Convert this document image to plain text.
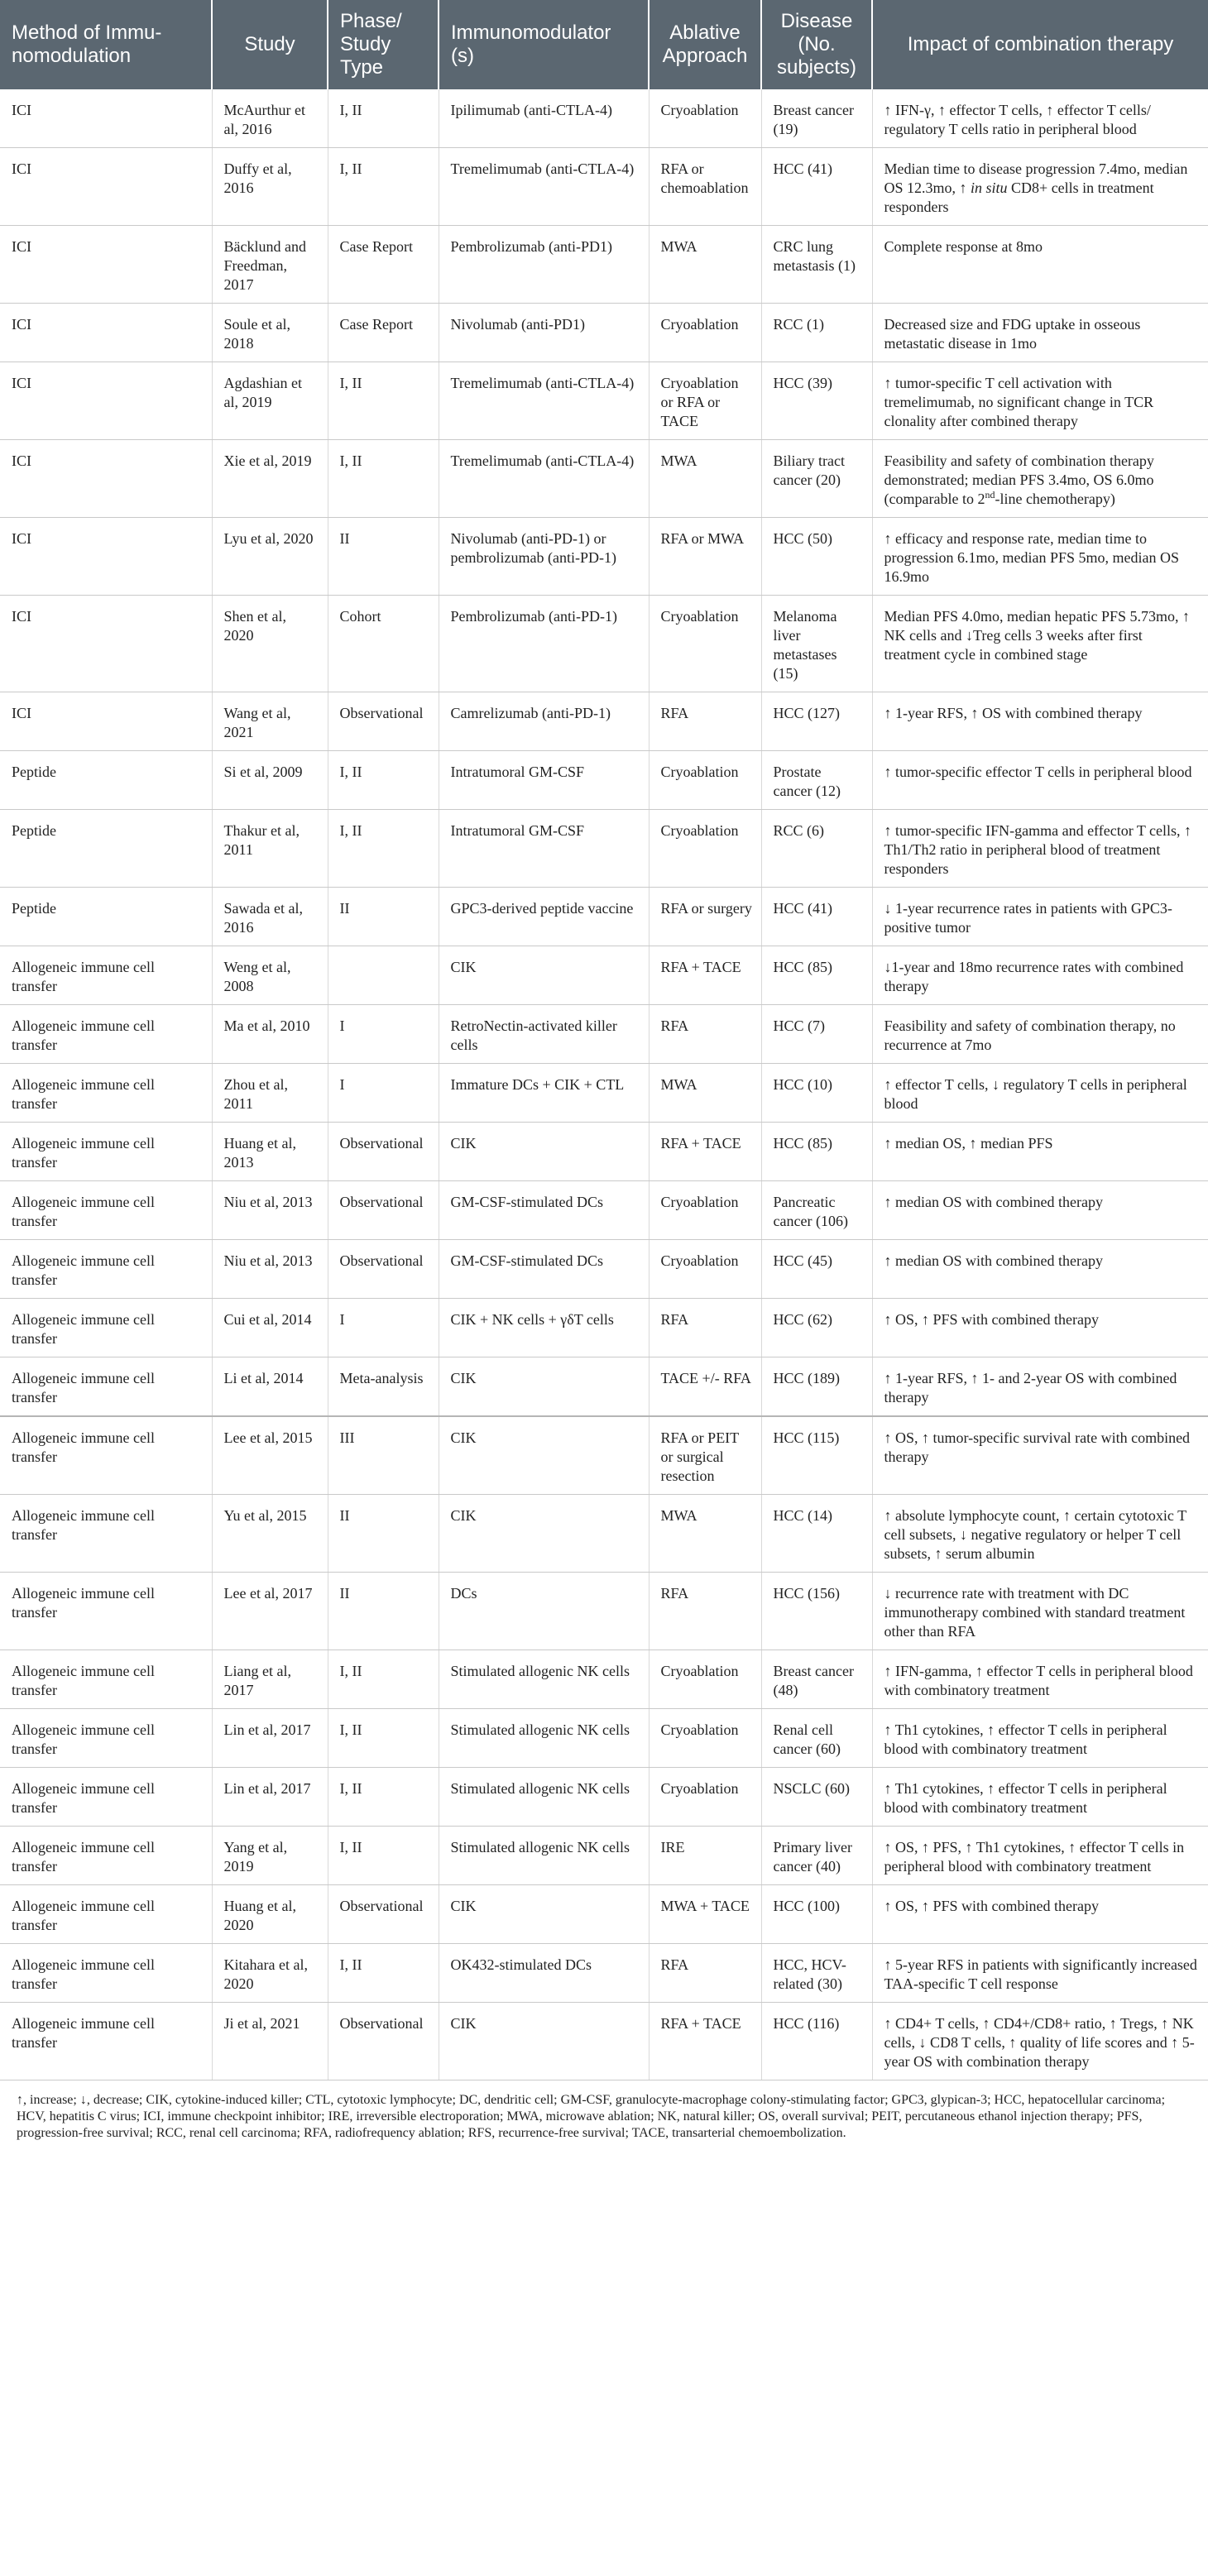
Method of Immu-nomodulation	Study	Phase/ Study Type	Immunomodulator (s)	Ablative Approach	Disease (No. subjects)	Impact of combination therapy
ICI	McAurthur et al, 2016	I, II	Ipilimumab (anti-CTLA-4)	Cryoablation	Breast cancer (19)	↑ IFN-γ, ↑ effector T cells, ↑ effector T cells/ regulatory T cells ratio in peripheral blood
ICI	Duffy et al, 2016	I, II	Tremelimumab (anti-CTLA-4)	RFA or chemoablation	HCC (41)	Median time to disease progression 7.4mo, median OS 12.3mo, ↑ in situ CD8+ cells in treatment responders
ICI	Bäcklund and Freedman, 2017	Case Report	Pembrolizumab (anti-PD1)	MWA	CRC lung metastasis (1)	Complete response at 8mo
ICI	Soule et al, 2018	Case Report	Nivolumab (anti-PD1)	Cryoablation	RCC (1)	Decreased size and FDG uptake in osseous metastatic disease in 1mo
ICI	Agdashian et al, 2019	I, II	Tremelimumab (anti-CTLA-4)	Cryoablation or RFA or TACE	HCC (39)	↑ tumor-specific T cell activation with tremelimumab, no significant change in TCR clonality after combined therapy
ICI	Xie et al, 2019	I, II	Tremelimumab (anti-CTLA-4)	MWA	Biliary tract cancer (20)	Feasibility and safety of combination therapy demonstrated; median PFS 3.4mo, OS 6.0mo (comparable to 2nd-line chemotherapy)
ICI	Lyu et al, 2020	II	Nivolumab (anti-PD-1) or pembrolizumab (anti-PD-1)	RFA or MWA	HCC (50)	↑ efficacy and response rate, median time to progression 6.1mo, median PFS 5mo, median OS 16.9mo
ICI	Shen et al, 2020	Cohort	Pembrolizumab (anti-PD-1)	Cryoablation	Melanoma liver metastases (15)	Median PFS 4.0mo, median hepatic PFS 5.73mo, ↑ NK cells and ↓Treg cells 3 weeks after first treatment cycle in combined stage
ICI	Wang et al, 2021	Observational	Camrelizumab (anti-PD-1)	RFA	HCC (127)	↑ 1-year RFS, ↑ OS with combined therapy
Peptide	Si et al, 2009	I, II	Intratumoral GM-CSF	Cryoablation	Prostate cancer (12)	↑ tumor-specific effector T cells in peripheral blood
Peptide	Thakur et al, 2011	I, II	Intratumoral GM-CSF	Cryoablation	RCC (6)	↑ tumor-specific IFN-gamma and effector T cells, ↑ Th1/Th2 ratio in peripheral blood of treatment responders
Peptide	Sawada et al, 2016	II	GPC3-derived peptide vaccine	RFA or surgery	HCC (41)	↓ 1-year recurrence rates in patients with GPC3-positive tumor
Allogeneic immune cell transfer	Weng et al, 2008		CIK	RFA + TACE	HCC (85)	↓1-year and 18mo recurrence rates with combined therapy
Allogeneic immune cell transfer	Ma et al, 2010	I	RetroNectin-activated killer cells	RFA	HCC (7)	Feasibility and safety of combination therapy, no recurrence at 7mo
Allogeneic immune cell transfer	Zhou et al, 2011	I	Immature DCs + CIK + CTL	MWA	HCC (10)	↑ effector T cells, ↓ regulatory T cells in peripheral blood
Allogeneic immune cell transfer	Huang et al, 2013	Observational	CIK	RFA + TACE	HCC (85)	↑ median OS, ↑ median PFS
Allogeneic immune cell transfer	Niu et al, 2013	Observational	GM-CSF-stimulated DCs	Cryoablation	Pancreatic cancer (106)	↑ median OS with combined therapy
Allogeneic immune cell transfer	Niu et al, 2013	Observational	GM-CSF-stimulated DCs	Cryoablation	HCC (45)	↑ median OS with combined therapy
Allogeneic immune cell transfer	Cui et al, 2014	I	CIK + NK cells + γδT cells	RFA	HCC (62)	↑ OS, ↑ PFS with combined therapy
Allogeneic immune cell transfer	Li et al, 2014	Meta-analysis	CIK	TACE +/- RFA	HCC (189)	↑ 1-year RFS, ↑ 1- and 2-year OS with combined therapy
Allogeneic immune cell transfer	Lee et al, 2015	III	CIK	RFA or PEIT or surgical resection	HCC (115)	↑ OS, ↑ tumor-specific survival rate with combined therapy
Allogeneic immune cell transfer	Yu et al, 2015	II	CIK	MWA	HCC (14)	↑ absolute lymphocyte count, ↑ certain cytotoxic T cell subsets, ↓ negative regulatory or helper T cell subsets, ↑ serum albumin
Allogeneic immune cell transfer	Lee et al, 2017	II	DCs	RFA	HCC (156)	↓ recurrence rate with treatment with DC immunotherapy combined with standard treatment other than RFA
Allogeneic immune cell transfer	Liang et al, 2017	I, II	Stimulated allogenic NK cells	Cryoablation	Breast cancer (48)	↑ IFN-gamma, ↑ effector T cells in peripheral blood with combinatory treatment
Allogeneic immune cell transfer	Lin et al, 2017	I, II	Stimulated allogenic NK cells	Cryoablation	Renal cell cancer (60)	↑ Th1 cytokines, ↑ effector T cells in peripheral blood with combinatory treatment
Allogeneic immune cell transfer	Lin et al, 2017	I, II	Stimulated allogenic NK cells	Cryoablation	NSCLC (60)	↑ Th1 cytokines, ↑ effector T cells in peripheral blood with combinatory treatment
Allogeneic immune cell transfer	Yang et al, 2019	I, II	Stimulated allogenic NK cells	IRE	Primary liver cancer (40)	↑ OS, ↑ PFS, ↑ Th1 cytokines, ↑ effector T cells in peripheral blood with combinatory treatment
Allogeneic immune cell transfer	Huang et al, 2020	Observational	CIK	MWA + TACE	HCC (100)	↑ OS, ↑ PFS with combined therapy
Allogeneic immune cell transfer	Kitahara et al, 2020	I, II	OK432-stimulated DCs	RFA	HCC, HCV-related (30)	↑ 5-year RFS in patients with significantly increased TAA-specific T cell response
Allogeneic immune cell transfer	Ji et al, 2021	Observational	CIK	RFA + TACE	HCC (116)	↑ CD4+ T cells, ↑ CD4+/CD8+ ratio, ↑ Tregs, ↑ NK cells, ↓ CD8 T cells, ↑ quality of life scores and ↑ 5-year OS with combination therapy
↑, increase; ↓, decrease; CIK, cytokine-induced killer; CTL, cytotoxic lymphocyte; DC, dendritic cell; GM-CSF, granulocyte-macrophage colony-stimulating factor; GPC3, glypican-3; HCC, hepatocellular carcinoma; HCV, hepatitis C virus; ICI, immune checkpoint inhibitor; IRE, irreversible electroporation; MWA, microwave ablation; NK, natural killer; OS, overall survival; PEIT, percutaneous ethanol injection therapy; PFS, progression-free survival; RCC, renal cell carcinoma; RFA, radiofrequency ablation; RFS, recurrence-free survival; TACE, transarterial chemoembolization.
